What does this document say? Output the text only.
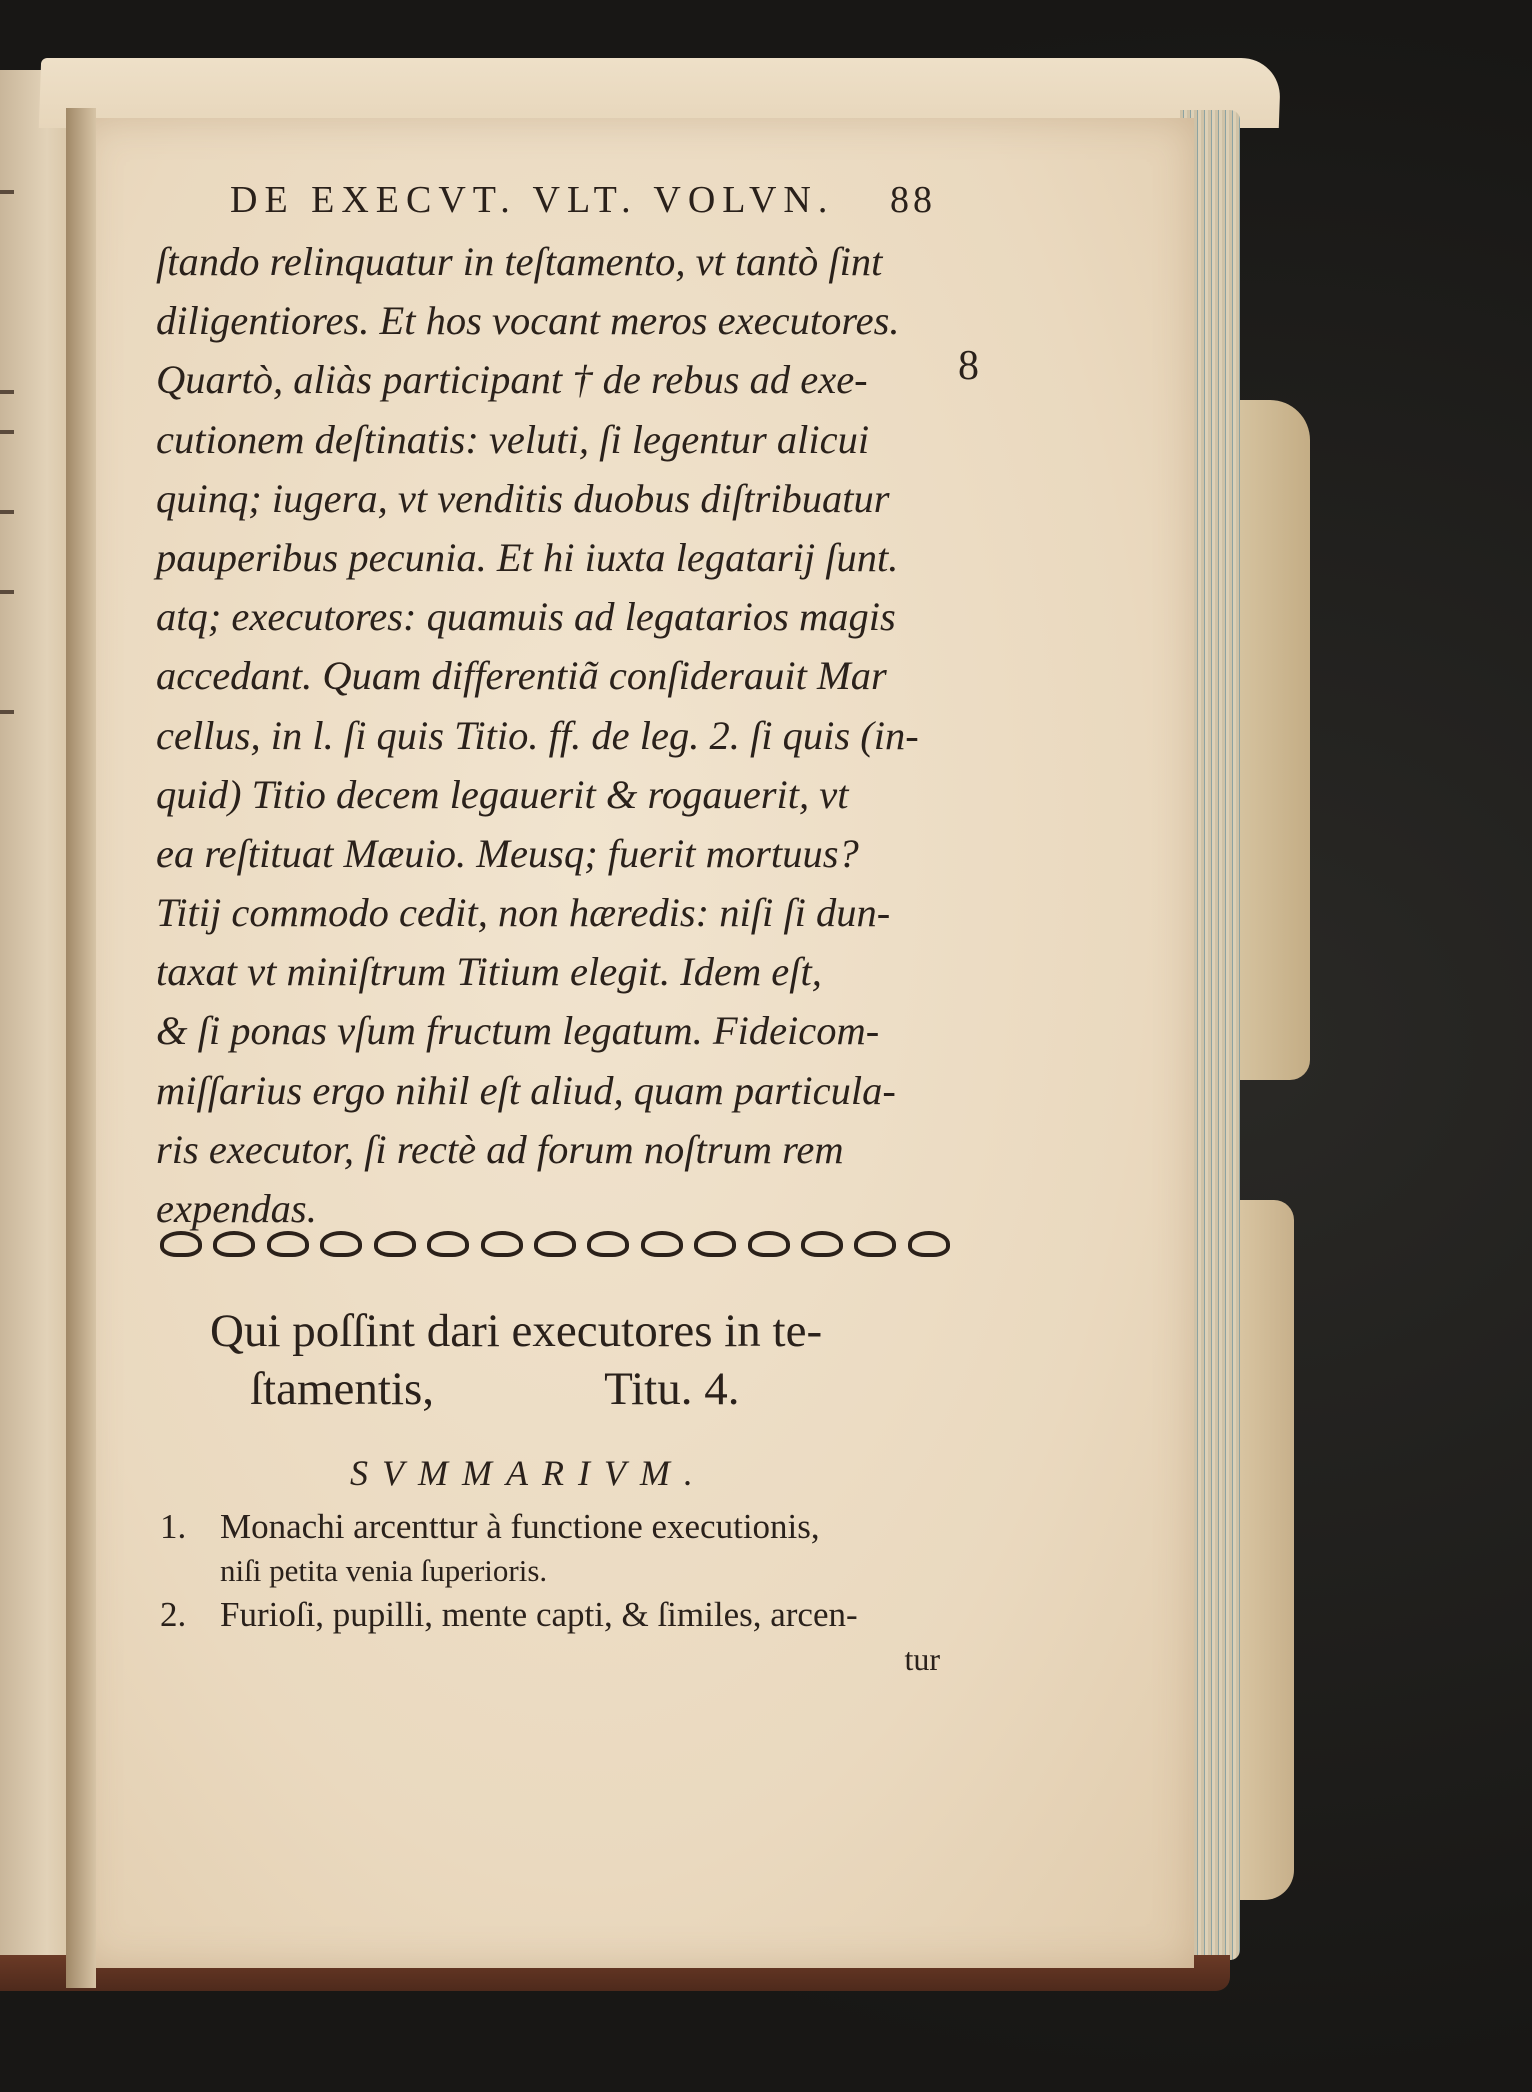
DE EXECVT. VLT. VOLVN.	88
ſtando relinquatur in teſtamento, vt tantò ſint
diligentiores. Et hos vocant meros executores.
Quartò, aliàs participant † de rebus ad exe-
cutionem deſtinatis: veluti, ſi legentur alicui
quinq; iugera, vt venditis duobus diſtribuatur
pauperibus pecunia. Et hi iuxta legatarij ſunt.
atq; executores: quamuis ad legatarios magis
accedant. Quam differentiã conſiderauit Mar
cellus, in l. ſi quis Titio. ff. de leg. 2. ſi quis (in-
quid) Titio decem legauerit & rogauerit, vt
ea reſtituat Mæuio. Meusq; fuerit mortuus?
Titij commodo cedit, non hæredis: niſi ſi dun-
taxat vt miniſtrum Titium elegit. Idem eſt,
& ſi ponas vſum fructum legatum. Fideicom-
miſſarius ergo nihil eſt aliud, quam particula-
ris executor, ſi rectè ad forum noſtrum rem
expendas.
8
Qui poſſint dari executores in te-
ſtamentis,	Titu. 4.
SVMMARIVM.
1. Monachi arcenttur à functione executionis,
niſi petita venia ſuperioris.
2. Furioſi, pupilli, mente capti, & ſimiles, arcen-
tur
